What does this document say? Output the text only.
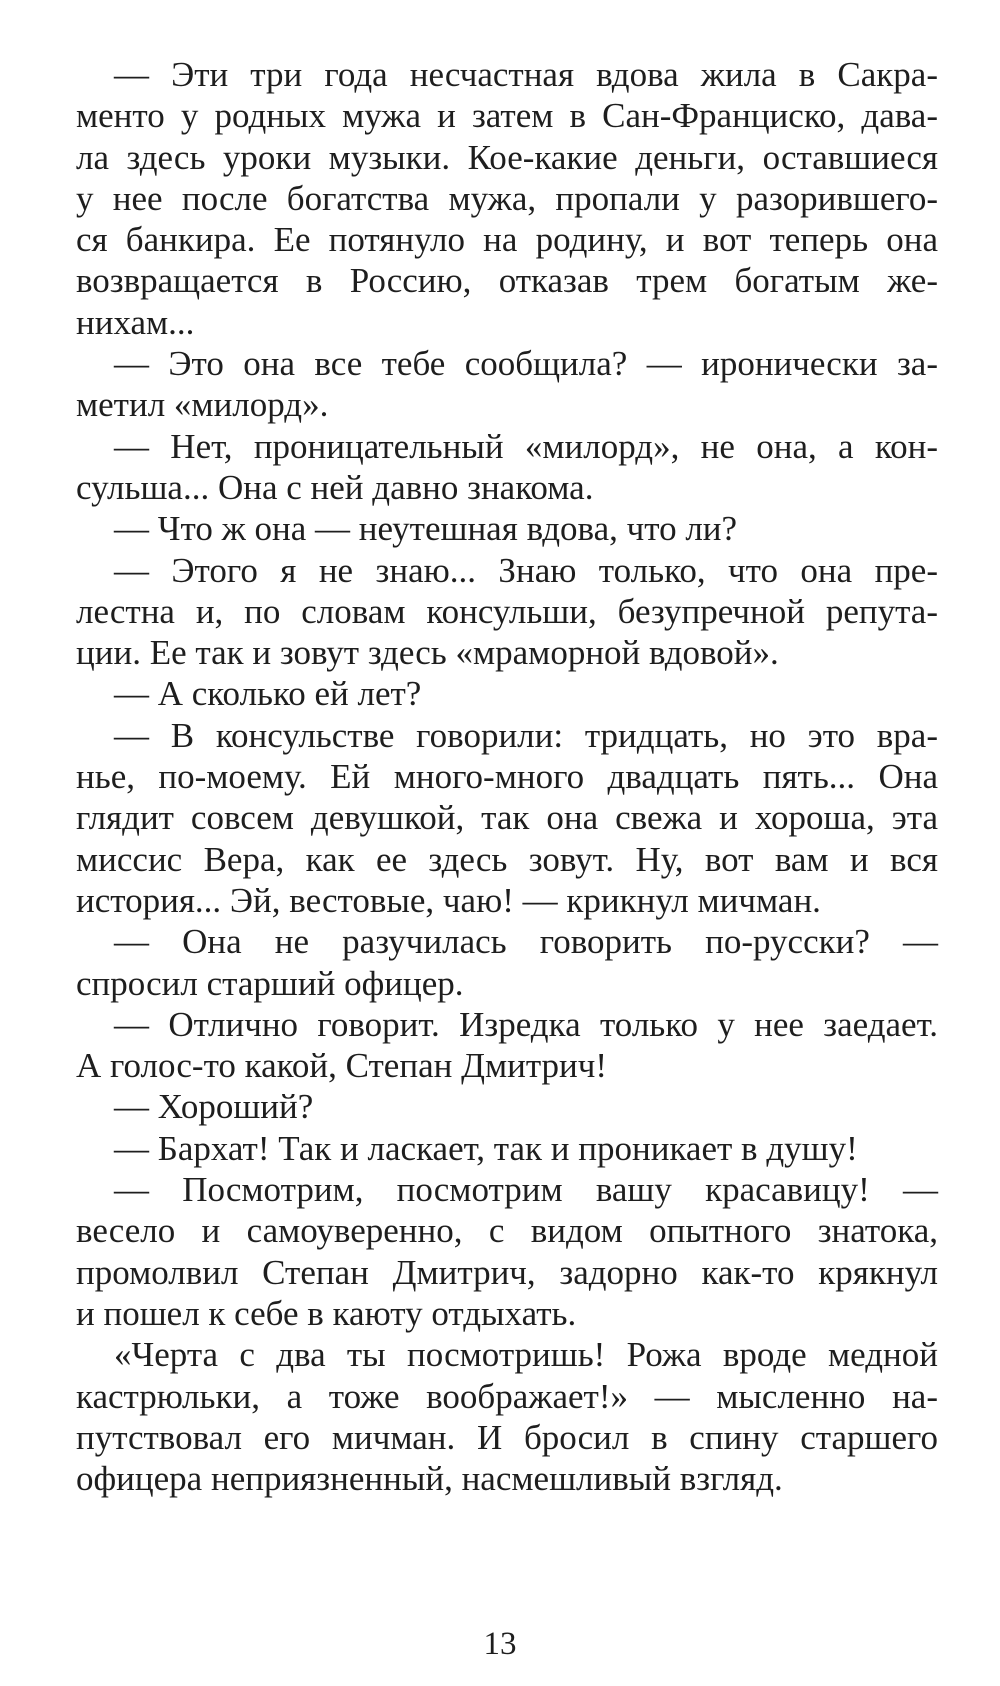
— Эти три года несчастная вдова жила в Сакра-
менто у родных мужа и затем в Сан-Франциско, дава-
ла здесь уроки музыки. Кое-какие деньги, оставшиеся
у нее после богатства мужа, пропали у разорившего-
ся банкира. Ее потянуло на родину, и вот теперь она
возвращается в Россию, отказав трем богатым же-
нихам...
— Это она все тебе сообщила? — иронически за-
метил «милорд».
— Нет, проницательный «милорд», не она, а кон-
сульша... Она с ней давно знакома.
— Что ж она — неутешная вдова, что ли?
— Этого я не знаю... Знаю только, что она пре-
лестна и, по словам консульши, безупречной репута-
ции. Ее так и зовут здесь «мраморной вдовой».
— А сколько ей лет?
— В консульстве говорили: тридцать, но это вра-
нье, по-моему. Ей много-много двадцать пять... Она
глядит совсем девушкой, так она свежа и хороша, эта
миссис Вера, как ее здесь зовут. Ну, вот вам и вся
история... Эй, вестовые, чаю! — крикнул мичман.
— Она не разучилась говорить по-русски? —
спросил старший офицер.
— Отлично говорит. Изредка только у нее заедает.
А голос-то какой, Степан Дмитрич!
— Хороший?
— Бархат! Так и ласкает, так и проникает в душу!
— Посмотрим, посмотрим вашу красавицу! —
весело и самоуверенно, с видом опытного знатока,
промолвил Степан Дмитрич, задорно как-то крякнул
и пошел к себе в каюту отдыхать.
«Черта с два ты посмотришь! Рожа вроде медной
кастрюльки, а тоже воображает!» — мысленно на-
путствовал его мичман. И бросил в спину старшего
офицера неприязненный, насмешливый взгляд.
13
